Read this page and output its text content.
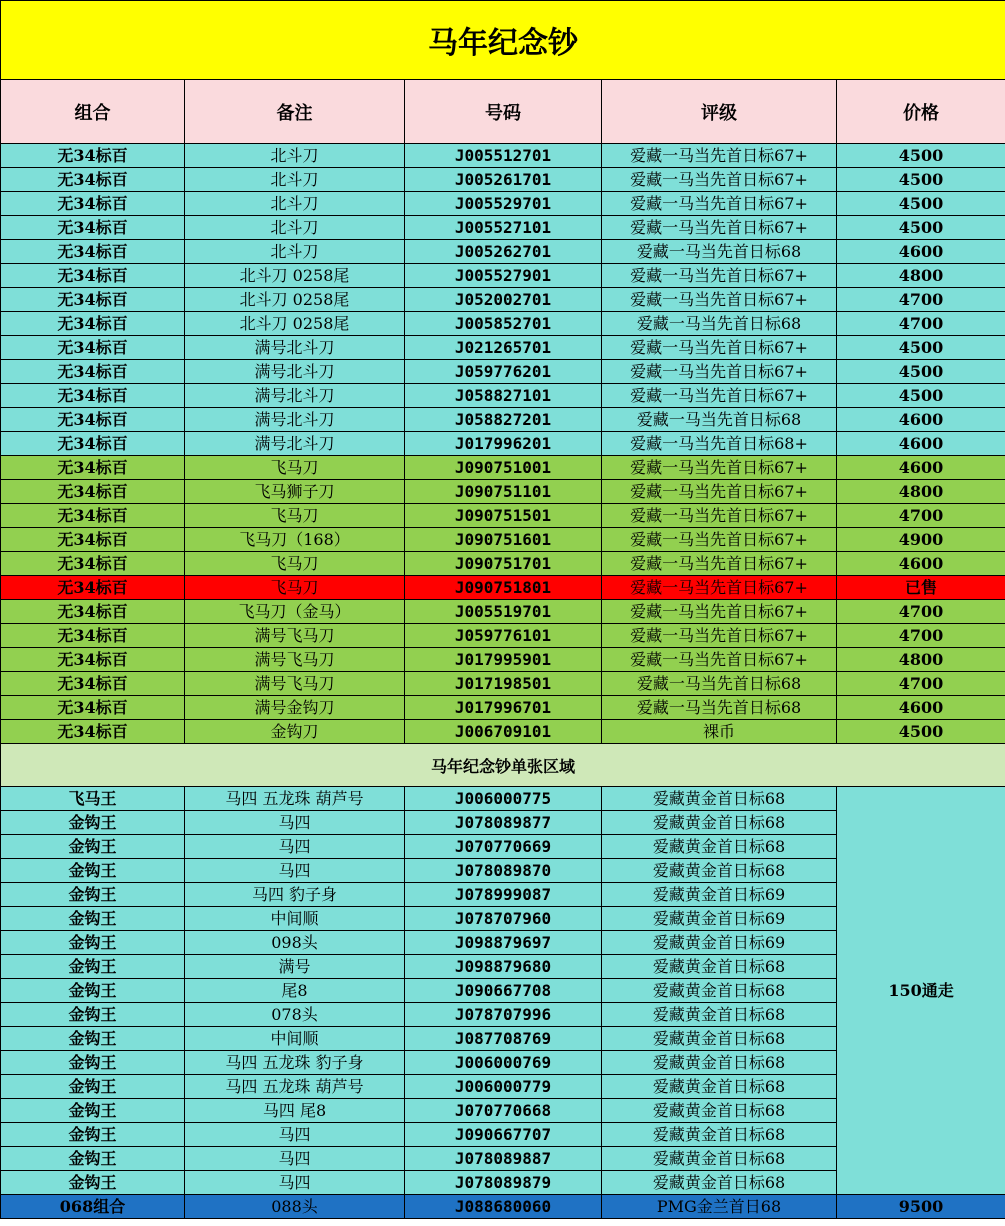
马年纪念钞				
组合	备注	号码	评级	价格
无34标百	北斗刀	J005512701	爱藏一马当先首日标67+	4500
无34标百	北斗刀	J005261701	爱藏一马当先首日标67+	4500
无34标百	北斗刀	J005529701	爱藏一马当先首日标67+	4500
无34标百	北斗刀	J005527101	爱藏一马当先首日标67+	4500
无34标百	北斗刀	J005262701	爱藏一马当先首日标68	4600
无34标百	北斗刀 0258尾	J005527901	爱藏一马当先首日标67+	4800
无34标百	北斗刀 0258尾	J052002701	爱藏一马当先首日标67+	4700
无34标百	北斗刀 0258尾	J005852701	爱藏一马当先首日标68	4700
无34标百	满号北斗刀	J021265701	爱藏一马当先首日标67+	4500
无34标百	满号北斗刀	J059776201	爱藏一马当先首日标67+	4500
无34标百	满号北斗刀	J058827101	爱藏一马当先首日标67+	4500
无34标百	满号北斗刀	J058827201	爱藏一马当先首日标68	4600
无34标百	满号北斗刀	J017996201	爱藏一马当先首日标68+	4600
无34标百	飞马刀	J090751001	爱藏一马当先首日标67+	4600
无34标百	飞马狮子刀	J090751101	爱藏一马当先首日标67+	4800
无34标百	飞马刀	J090751501	爱藏一马当先首日标67+	4700
无34标百	飞马刀（168）	J090751601	爱藏一马当先首日标67+	4900
无34标百	飞马刀	J090751701	爱藏一马当先首日标67+	4600
无34标百	飞马刀	J090751801	爱藏一马当先首日标67+	已售
无34标百	飞马刀（金马）	J005519701	爱藏一马当先首日标67+	4700
无34标百	满号飞马刀	J059776101	爱藏一马当先首日标67+	4700
无34标百	满号飞马刀	J017995901	爱藏一马当先首日标67+	4800
无34标百	满号飞马刀	J017198501	爱藏一马当先首日标68	4700
无34标百	满号金钩刀	J017996701	爱藏一马当先首日标68	4600
无34标百	金钩刀	J006709101	裸币	4500
马年纪念钞单张区域				
飞马王	马四 五龙珠 葫芦号	J006000775	爱藏黄金首日标68	150通走
金钩王	马四	J078089877	爱藏黄金首日标68	
金钩王	马四	J070770669	爱藏黄金首日标68	
金钩王	马四	J078089870	爱藏黄金首日标68	
金钩王	马四 豹子身	J078999087	爱藏黄金首日标69	
金钩王	中间顺	J078707960	爱藏黄金首日标69	
金钩王	098头	J098879697	爱藏黄金首日标69	
金钩王	满号	J098879680	爱藏黄金首日标68	
金钩王	尾8	J090667708	爱藏黄金首日标68	
金钩王	078头	J078707996	爱藏黄金首日标68	
金钩王	中间顺	J087708769	爱藏黄金首日标68	
金钩王	马四 五龙珠 豹子身	J006000769	爱藏黄金首日标68	
金钩王	马四 五龙珠 葫芦号	J006000779	爱藏黄金首日标68	
金钩王	马四 尾8	J070770668	爱藏黄金首日标68	
金钩王	马四	J090667707	爱藏黄金首日标68	
金钩王	马四	J078089887	爱藏黄金首日标68	
金钩王	马四	J078089879	爱藏黄金首日标68	
068组合	088头	J088680060	PMG金兰首日68	9500
